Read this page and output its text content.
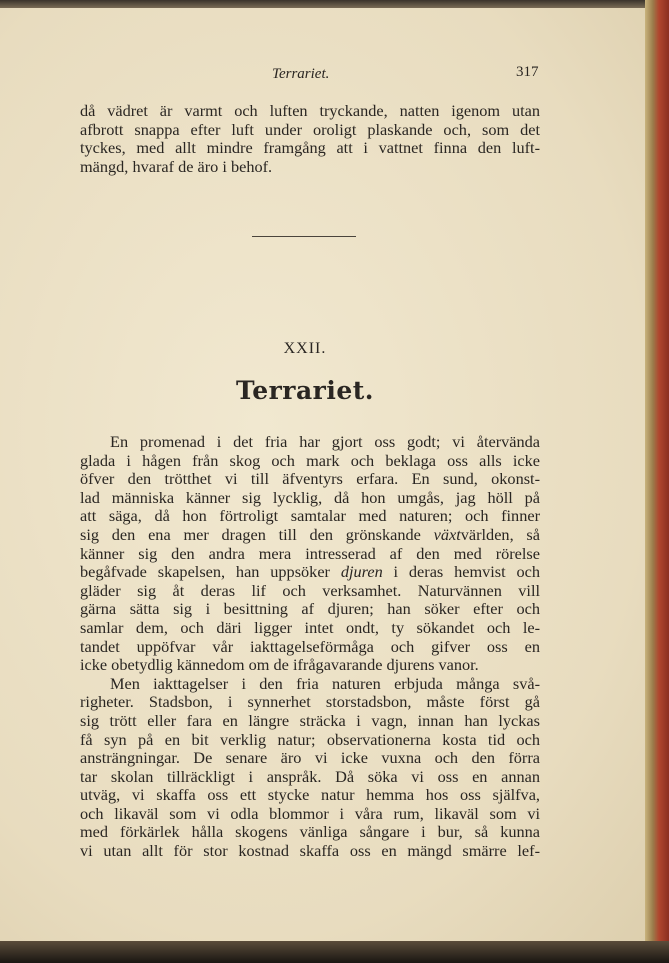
Terrariet.	317
då vädret är varmt och luften tryckande, natten igenom utan
afbrott snappa efter luft under oroligt plaskande och, som det
tyckes, med allt mindre framgång att i vattnet finna den luft-
mängd, hvaraf de äro i behof.
XXII.
Terrariet.
En promenad i det fria har gjort oss godt; vi återvända
glada i hågen från skog och mark och beklaga oss alls icke
öfver den trötthet vi till äfventyrs erfara. En sund, okonst-
lad människa känner sig lycklig, då hon umgås, jag höll på
att säga, då hon förtroligt samtalar med naturen; och finner
sig den ena mer dragen till den grönskande växtvärlden, så
känner sig den andra mera intresserad af den med rörelse
begåfvade skapelsen, han uppsöker djuren i deras hemvist och
gläder sig åt deras lif och verksamhet. Naturvännen vill
gärna sätta sig i besittning af djuren; han söker efter och
samlar dem, och däri ligger intet ondt, ty sökandet och le-
tandet uppöfvar vår iakttagelseförmåga och gifver oss en
icke obetydlig kännedom om de ifrågavarande djurens vanor.
Men iakttagelser i den fria naturen erbjuda många svå-
righeter. Stadsbon, i synnerhet storstadsbon, måste först gå
sig trött eller fara en längre sträcka i vagn, innan han lyckas
få syn på en bit verklig natur; observationerna kosta tid och
ansträngningar. De senare äro vi icke vuxna och den förra
tar skolan tillräckligt i anspråk. Då söka vi oss en annan
utväg, vi skaffa oss ett stycke natur hemma hos oss själfva,
och likaväl som vi odla blommor i våra rum, likaväl som vi
med förkärlek hålla skogens vänliga sångare i bur, så kunna
vi utan allt för stor kostnad skaffa oss en mängd smärre lef-
